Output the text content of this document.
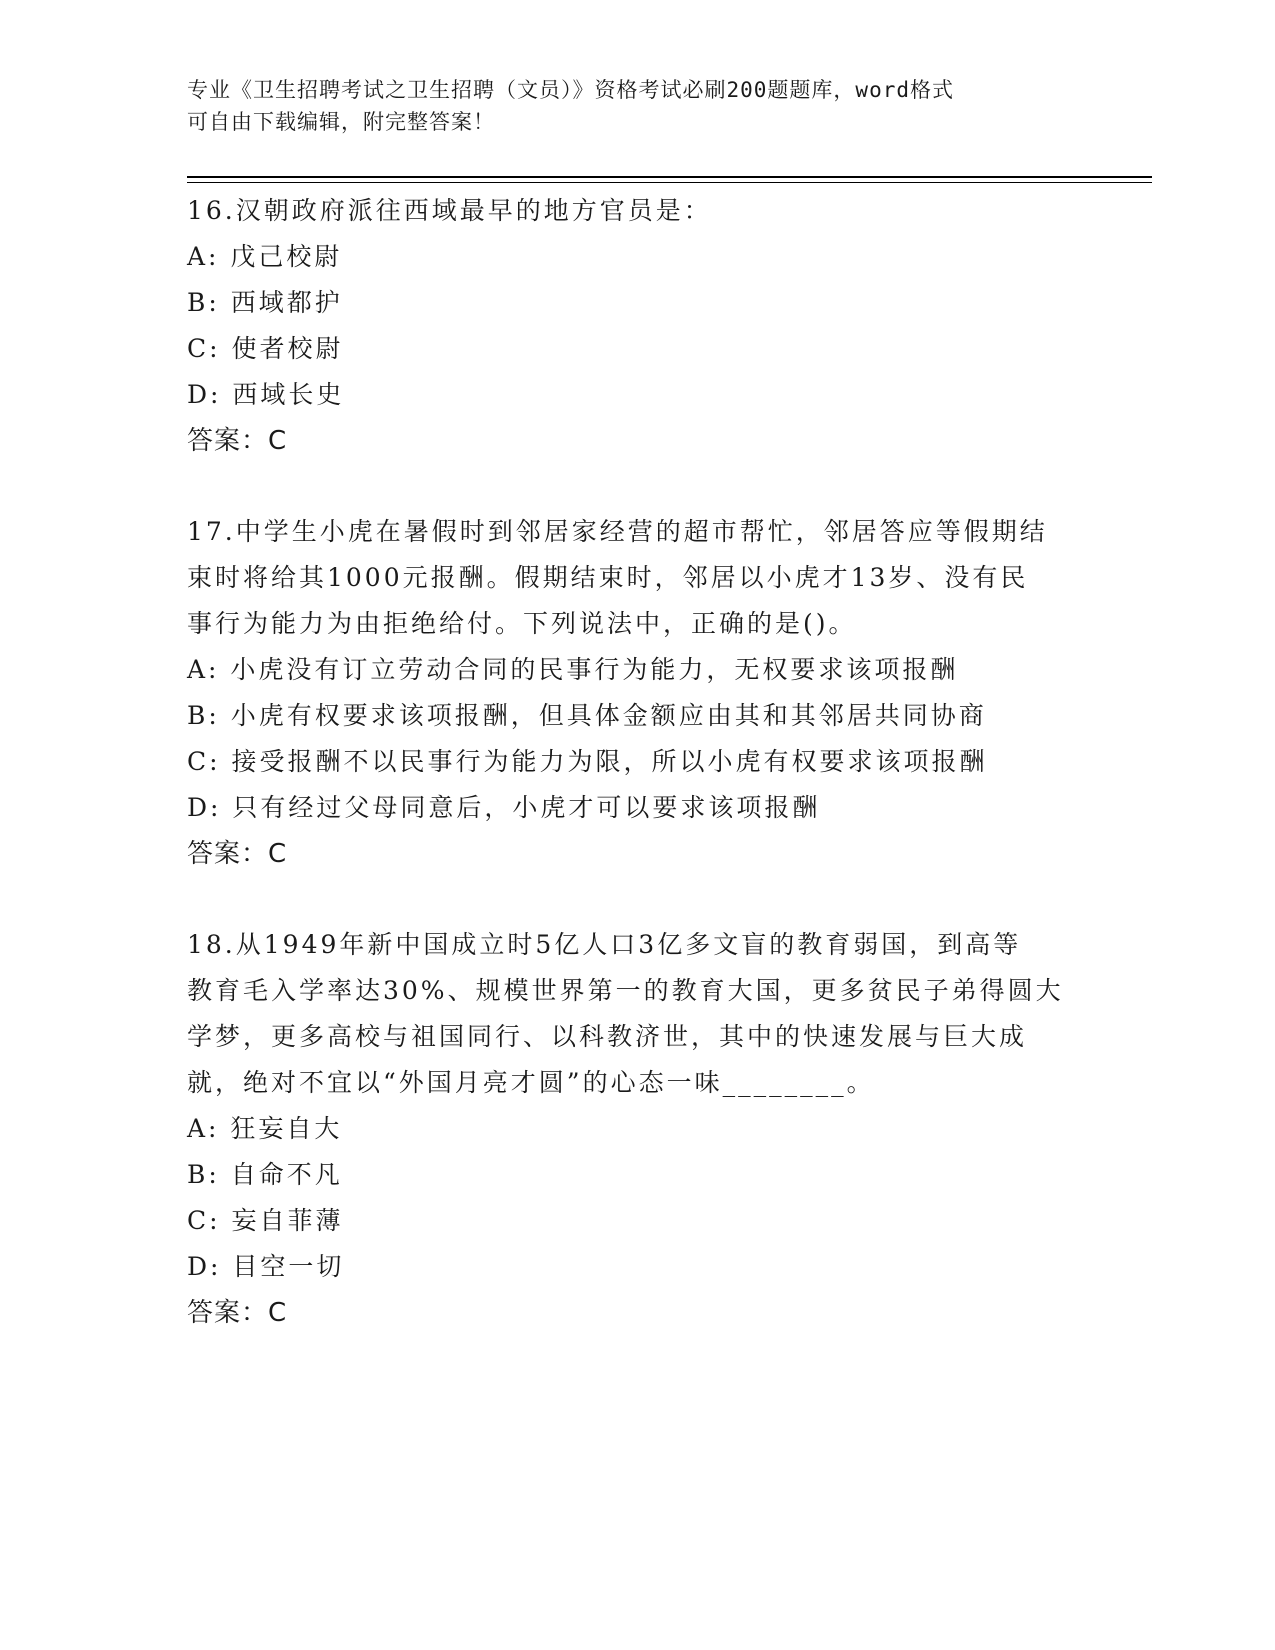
专业《卫生招聘考试之卫生招聘（文员）》资格考试必刷200题题库，word格式
可自由下载编辑，附完整答案！
16.汉朝政府派往西域最早的地方官员是：
A: 戊己校尉
B: 西域都护
C: 使者校尉
D: 西域长史
答案：C
17.中学生小虎在暑假时到邻居家经营的超市帮忙，邻居答应等假期结
束时将给其1000元报酬。假期结束时，邻居以小虎才13岁、没有民
事行为能力为由拒绝给付。下列说法中，正确的是()。
A: 小虎没有订立劳动合同的民事行为能力，无权要求该项报酬
B: 小虎有权要求该项报酬，但具体金额应由其和其邻居共同协商
C: 接受报酬不以民事行为能力为限，所以小虎有权要求该项报酬
D: 只有经过父母同意后，小虎才可以要求该项报酬
答案：C
18.从1949年新中国成立时5亿人口3亿多文盲的教育弱国，到高等
教育毛入学率达30%、规模世界第一的教育大国，更多贫民子弟得圆大
学梦，更多高校与祖国同行、以科教济世，其中的快速发展与巨大成
就，绝对不宜以“外国月亮才圆”的心态一味________。
A: 狂妄自大
B: 自命不凡
C: 妄自菲薄
D: 目空一切
答案：C
